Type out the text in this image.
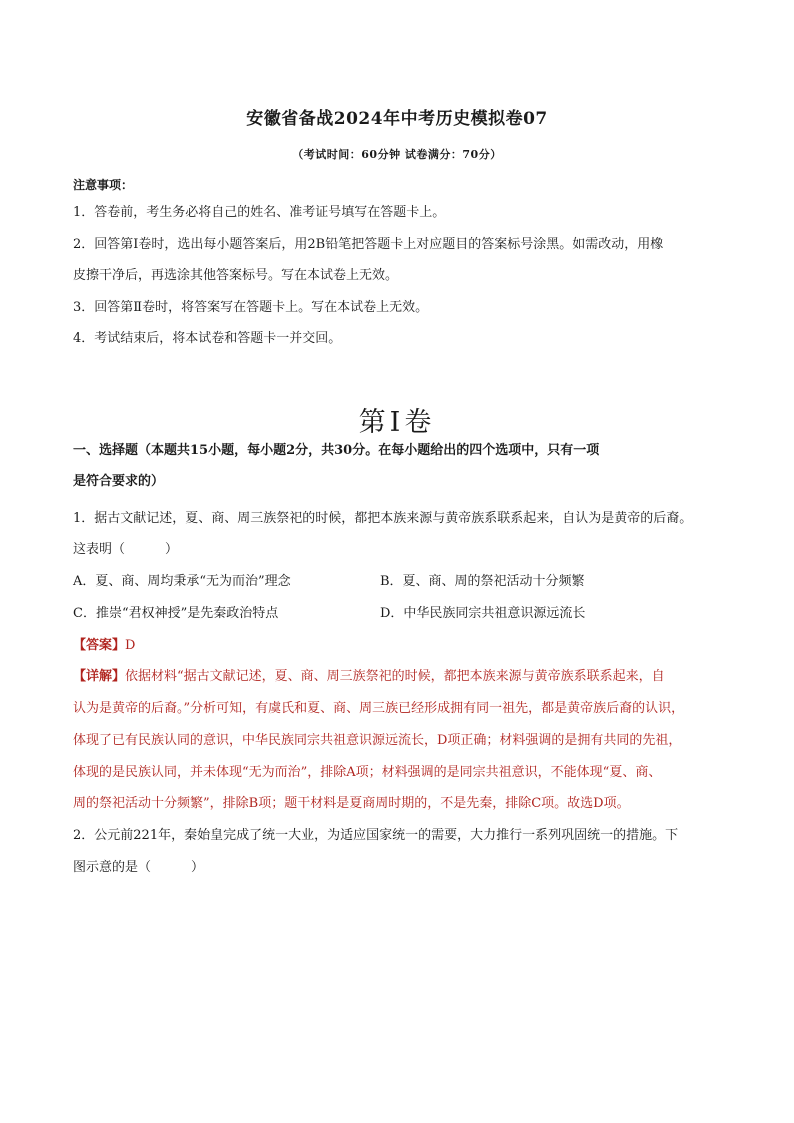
安徽省备战2024年中考历史模拟卷07
（考试时间：60分钟 试卷满分：70分）
注意事项：
1．答卷前，考生务必将自己的姓名、准考证号填写在答题卡上。
2．回答第Ⅰ卷时，选出每小题答案后，用2B铅笔把答题卡上对应题目的答案标号涂黑。如需改动，用橡
皮擦干净后，再选涂其他答案标号。写在本试卷上无效。
3．回答第Ⅱ卷时，将答案写在答题卡上。写在本试卷上无效。
4．考试结束后，将本试卷和答题卡一并交回。
第Ⅰ卷
一、选择题（本题共15小题，每小题2分，共30分。在每小题给出的四个选项中，只有一项
是符合要求的）
1．据古文献记述，夏、商、周三族祭祀的时候，都把本族来源与黄帝族系联系起来，自认为是黄帝的后裔。
这表明（	）
A．夏、商、周均秉承“无为而治”理念	B．夏、商、周的祭祀活动十分频繁
C．推崇“君权神授”是先秦政治特点	D．中华民族同宗共祖意识源远流长
【答案】D
【详解】依据材料“据古文献记述，夏、商、周三族祭祀的时候，都把本族来源与黄帝族系联系起来，自
认为是黄帝的后裔。”分析可知，有虞氏和夏、商、周三族已经形成拥有同一祖先，都是黄帝族后裔的认识，
体现了已有民族认同的意识，中华民族同宗共祖意识源远流长，D项正确；材料强调的是拥有共同的先祖，
体现的是民族认同，并未体现“无为而治”，排除A项；材料强调的是同宗共祖意识，不能体现“夏、商、
周的祭祀活动十分频繁”，排除B项；题干材料是夏商周时期的，不是先秦，排除C项。故选D项。
2．公元前221年，秦始皇完成了统一大业，为适应国家统一的需要，大力推行一系列巩固统一的措施。下
图示意的是（	）
